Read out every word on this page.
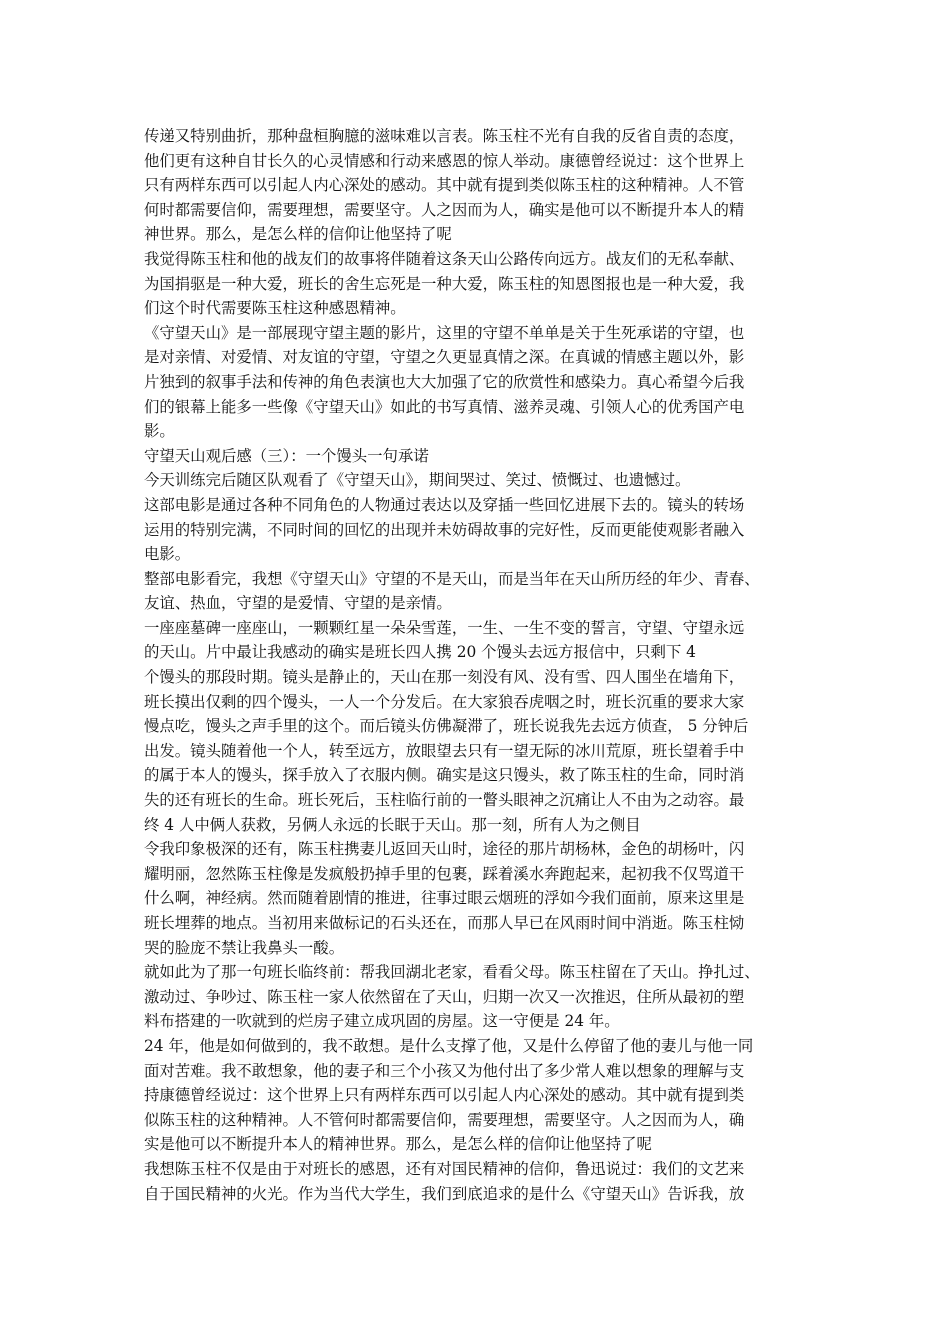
传递又特别曲折，那种盘桓胸臆的滋味难以言表。陈玉柱不光有自我的反省自责的态度，
他们更有这种自甘长久的心灵情感和行动来感恩的惊人举动。康德曾经说过：这个世界上
只有两样东西可以引起人内心深处的感动。其中就有提到类似陈玉柱的这种精神。人不管
何时都需要信仰，需要理想，需要坚守。人之因而为人，确实是他可以不断提升本人的精
神世界。那么，是怎么样的信仰让他坚持了呢
我觉得陈玉柱和他的战友们的故事将伴随着这条天山公路传向远方。战友们的无私奉献、
为国捐驱是一种大爱，班长的舍生忘死是一种大爱，陈玉柱的知恩图报也是一种大爱，我
们这个时代需要陈玉柱这种感恩精神。
《守望天山》是一部展现守望主题的影片，这里的守望不单单是关于生死承诺的守望，也
是对亲情、对爱情、对友谊的守望，守望之久更显真情之深。在真诚的情感主题以外，影
片独到的叙事手法和传神的角色表演也大大加强了它的欣赏性和感染力。真心希望今后我
们的银幕上能多一些像《守望天山》如此的书写真情、滋养灵魂、引领人心的优秀国产电
影。
守望天山观后感（三）：一个馒头一句承诺
今天训练完后随区队观看了《守望天山》，期间哭过、笑过、愤慨过、也遗憾过。
这部电影是通过各种不同角色的人物通过表达以及穿插一些回忆进展下去的。镜头的转场
运用的特别完满，不同时间的回忆的出现并未妨碍故事的完好性，反而更能使观影者融入
电影。
整部电影看完，我想《守望天山》守望的不是天山，而是当年在天山所历经的年少、青春、
友谊、热血，守望的是爱情、守望的是亲情。
一座座墓碑一座座山，一颗颗红星一朵朵雪莲，一生、一生不变的誓言，守望、守望永远
的天山。片中最让我感动的确实是班长四人携 20 个馒头去远方报信中，只剩下 4
个馒头的那段时期。镜头是静止的，天山在那一刻没有风、没有雪、四人围坐在墙角下，
班长摸出仅剩的四个馒头，一人一个分发后。在大家狼吞虎咽之时，班长沉重的要求大家
慢点吃，馒头之声手里的这个。而后镜头仿佛凝滞了，班长说我先去远方侦查， 5 分钟后
出发。镜头随着他一个人，转至远方，放眼望去只有一望无际的冰川荒原，班长望着手中
的属于本人的馒头，探手放入了衣服内侧。确实是这只馒头，救了陈玉柱的生命，同时消
失的还有班长的生命。班长死后，玉柱临行前的一瞥头眼神之沉痛让人不由为之动容。最
终 4 人中俩人获救，另俩人永远的长眠于天山。那一刻，所有人为之侧目
令我印象极深的还有，陈玉柱携妻儿返回天山时，途径的那片胡杨林，金色的胡杨叶，闪
耀明丽，忽然陈玉柱像是发疯般扔掉手里的包裹，踩着溪水奔跑起来，起初我不仅骂道干
什么啊，神经病。然而随着剧情的推进，往事过眼云烟班的浮如今我们面前，原来这里是
班长埋葬的地点。当初用来做标记的石头还在，而那人早已在风雨时间中消逝。陈玉柱恸
哭的脸庞不禁让我鼻头一酸。
就如此为了那一句班长临终前：帮我回湖北老家，看看父母。陈玉柱留在了天山。挣扎过、
激动过、争吵过、陈玉柱一家人依然留在了天山，归期一次又一次推迟，住所从最初的塑
料布搭建的一吹就到的烂房子建立成巩固的房屋。这一守便是 24 年。
24 年，他是如何做到的，我不敢想。是什么支撑了他，又是什么停留了他的妻儿与他一同
面对苦难。我不敢想象，他的妻子和三个小孩又为他付出了多少常人难以想象的理解与支
持康德曾经说过：这个世界上只有两样东西可以引起人内心深处的感动。其中就有提到类
似陈玉柱的这种精神。人不管何时都需要信仰，需要理想，需要坚守。人之因而为人，确
实是他可以不断提升本人的精神世界。那么，是怎么样的信仰让他坚持了呢
我想陈玉柱不仅是由于对班长的感恩，还有对国民精神的信仰，鲁迅说过：我们的文艺来
自于国民精神的火光。作为当代大学生，我们到底追求的是什么《守望天山》告诉我，放
